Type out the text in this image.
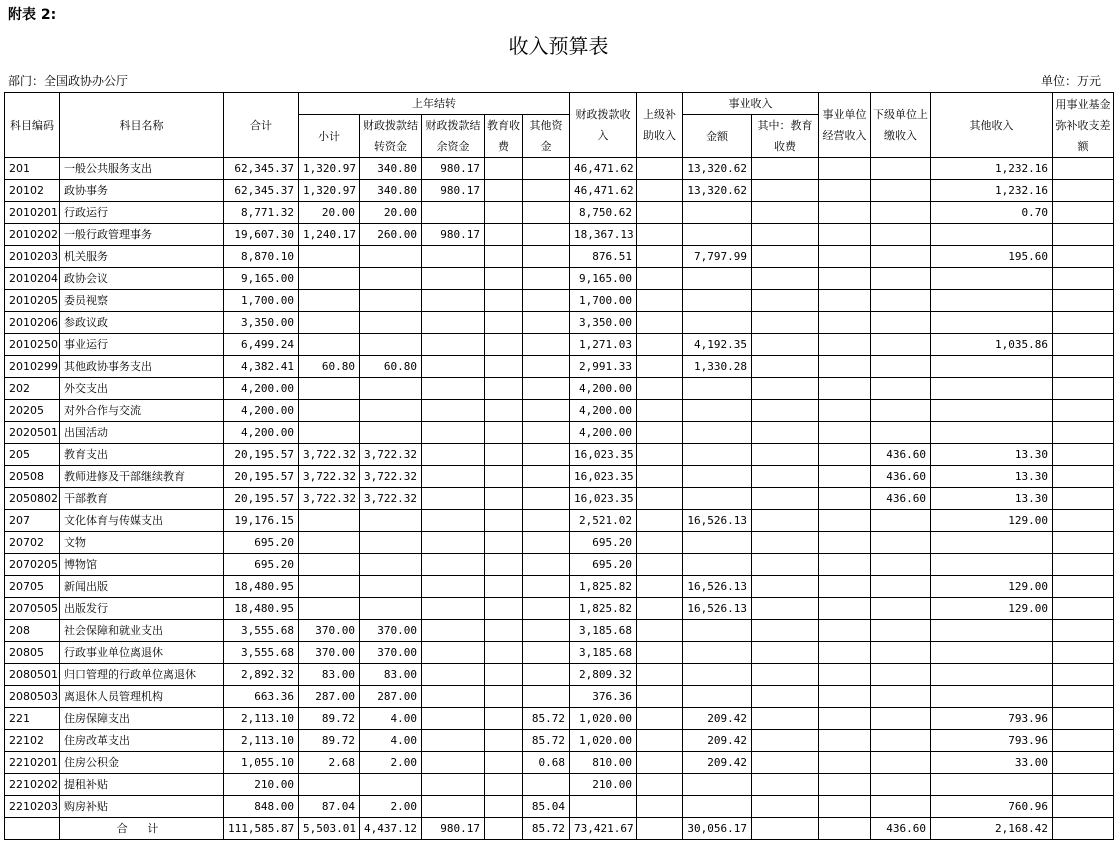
附表 2:
收入预算表
部门：全国政协办公厅	单位：万元
科目编码	科目名称	合计	上年结转					财政拨款收入	上级补助收入	事业收入		事业单位经营收入	下级单位上缴收入	其他收入	用事业基金弥补收支差额
			小计	财政拨款结转资金	财政拨款结余资金	教育收费	其他资金			金额	其中：教育收费				

201	一般公共服务支出	62,345.37	1,320.97	340.80	980.17			46,471.62		13,320.62				1,232.16	
20102	政协事务	62,345.37	1,320.97	340.80	980.17			46,471.62		13,320.62				1,232.16	
2010201	行政运行	8,771.32	20.00	20.00				8,750.62						0.70	
2010202	一般行政管理事务	19,607.30	1,240.17	260.00	980.17			18,367.13							
2010203	机关服务	8,870.10						876.51		7,797.99				195.60	
2010204	政协会议	9,165.00						9,165.00							
2010205	委员视察	1,700.00						1,700.00							
2010206	参政议政	3,350.00						3,350.00							
2010250	事业运行	6,499.24						1,271.03		4,192.35				1,035.86	
2010299	其他政协事务支出	4,382.41	60.80	60.80				2,991.33		1,330.28					
202	外交支出	4,200.00						4,200.00							
20205	对外合作与交流	4,200.00						4,200.00							
2020501	出国活动	4,200.00						4,200.00							
205	教育支出	20,195.57	3,722.32	3,722.32				16,023.35					436.60	13.30	
20508	教师进修及干部继续教育	20,195.57	3,722.32	3,722.32				16,023.35					436.60	13.30	
2050802	干部教育	20,195.57	3,722.32	3,722.32				16,023.35					436.60	13.30	
207	文化体育与传媒支出	19,176.15						2,521.02		16,526.13				129.00	
20702	文物	695.20						695.20							
2070205	博物馆	695.20						695.20							
20705	新闻出版	18,480.95						1,825.82		16,526.13				129.00	
2070505	出版发行	18,480.95						1,825.82		16,526.13				129.00	
208	社会保障和就业支出	3,555.68	370.00	370.00				3,185.68							
20805	行政事业单位离退休	3,555.68	370.00	370.00				3,185.68							
2080501	归口管理的行政单位离退休	2,892.32	83.00	83.00				2,809.32							
2080503	离退休人员管理机构	663.36	287.00	287.00				376.36							
221	住房保障支出	2,113.10	89.72	4.00			85.72	1,020.00		209.42				793.96	
22102	住房改革支出	2,113.10	89.72	4.00			85.72	1,020.00		209.42				793.96	
2210201	住房公积金	1,055.10	2.68	2.00			0.68	810.00		209.42				33.00	
2210202	提租补贴	210.00						210.00							
2210203	购房补贴	848.00	87.04	2.00			85.04							760.96	
	合 计	111,585.87	5,503.01	4,437.12	980.17		85.72	73,421.67		30,056.17			436.60	2,168.42	
